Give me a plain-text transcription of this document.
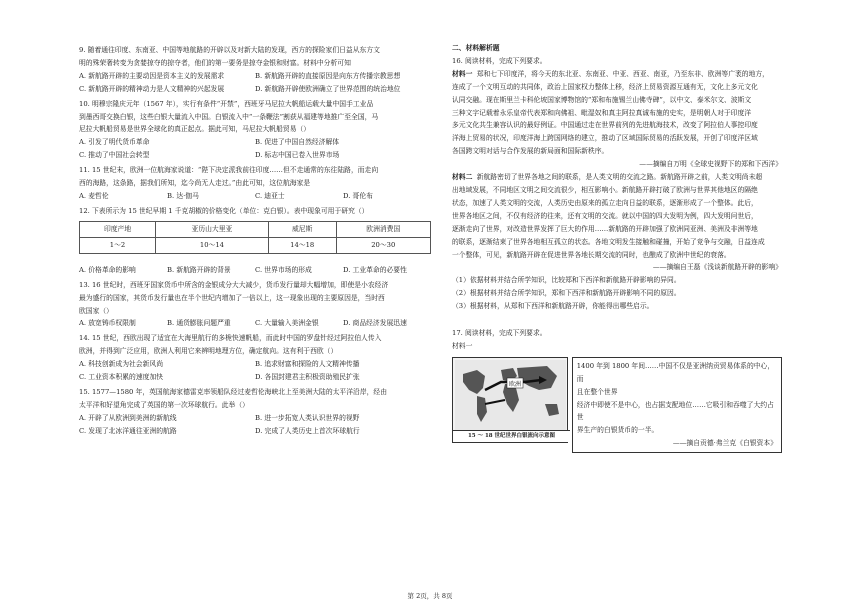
9. 随着通往印度、东南亚、中国等地航路的开辟以及对新大陆的发现，西方的探险家们日益从东方文

明的殊荣奢转变为贪婪掠夺的掠夺者，他们的第一要务是掠夺金银和财富。材料中分析可知

A. 新航路开辟的主要动因是资本主义的发展需求	B. 新航路开辟的直接原因是向东方传播宗教思想
C. 新航路开辟的精神动力是人文精神的兴起发展	D. 新航路开辟使欧洲确立了世界范围的统治地位

10. 明穆宗隆庆元年（1567 年），实行有条件“开禁”，西班牙马尼拉大帆船运载大量中国手工业品

到墨西哥交换白银，这些白银大量流入中国。白银流入中“一条鞭法”割获从福建等地推广至全国，马

尼拉大帆船贸易是世界全球化的真正起点。据此可知，马尼拉大帆船贸易（）

A. 引发了明代货币革命	B. 促进了中国自然经济解体
C. 推动了中国社会转型	D. 标志中国已卷入世界市场

11. 15 世纪末，欧洲一位航海家说道：“陛下决定派我前往印度……但不走通常的东往陆路，而走向

西的海路，这条路，据我们所知，迄今尚无人走过。”由此可知，这位航海家是

A. 麦哲伦	B. 达·伽马	C. 迪亚士	D. 哥伦布

12. 下表所示为 15 世纪早期 1 千克胡椒的价格变化（单位：克白银）。表中现象可用于研究（）

印度产地	亚历山大里亚	威尼斯	欧洲消费国
1～2	10～14	14～18	20～30
A. 价格革命的影响	B. 新航路开辟的背景	C. 世界市场的形成	D. 工业革命的必要性

13. 16 世纪时，西班牙国家货币中所含的金银成分大大减少，货币发行量却大幅增加，即使是小农经济

最为盛行的国家，其货币发行量也在半个世纪内增加了一倍以上，这一现象出现的主要原因是，当时西

欧国家（）

A. 放宽铸币权限制	B. 通货膨胀问题严重	C. 大量输入美洲金银	D. 商品经济发展迅速

14. 15 世纪，西欧出现了适宜在大海里航行的多桅快速帆船，而此时中国的罗盘针经过阿拉伯人传入

欧洲，并得到广泛应用，欧洲人利用它来辨明地理方位，确定航向。这有利于西欧（）

A. 科技创新成为社会新风尚	B. 追求财富和探险的人文精神传播
C. 工业资本积累的速度加快	D. 各国封建君主积极资助殖民扩张

15. 1577—1580 年，英国航海家德雷克率领船队经过麦哲伦海峡北上至美洲大陆的太平洋沿岸，经由

太平洋和好望角完成了英国的第一次环球航行。此举（）

A. 开辟了从欧洲到美洲的新航线	B. 进一步拓宽人类认识世界的视野
C. 发现了北冰洋通往亚洲的航路	D. 完成了人类历史上首次环球航行

二、材料解析题

16. 阅读材料，完成下列要求。

材料一 郑和七下印度洋，将今天的东北亚、东南亚、中亚、西亚、南亚，乃至东非、欧洲等广袤的地方，

连成了一个文明互动的共同体，政治上国家权力整体上移，经济上贸易资源互通有无，文化上多元文化

认同交融。现在斯里兰卡科伦坡国家博物馆的“郑和布施锡兰山佛寺碑”，以中文、泰米尔文、波斯文

三种文字记载着永乐皇帝代表郑和向佛祖、毗湿奴和真主阿拉真诚布施的史实，是明朝人对于印度洋

多元文化共生兼容认识的最好例证。中国通过走在世界前列的先进航海技术，改变了阿拉伯人事控印度

洋海上贸易的状况，印度洋海上跨国网络的建立，推动了区域国际贸易的活跃发展，开创了印度洋区域

各国跨文明对话与合作发展的新局面和国际新秩序。

——摘编自万明《全球史视野下的郑和下西洋》

材料二 新航路密切了世界各地之间的联系，是人类文明的交流之路。新航路开辟之前，人类文明尚未超

出地域发展，不同地区文明之间交流很少，相互影响小。新航路开辟打破了欧洲与世界其他地区的隔绝

状态，加速了人类文明的交流，人类历史由原来的孤立走向日益的联系，逐渐形成了一个整体。此后，

世界各地区之间，不仅有经济的往来，还有文明的交流。就以中国的四大发明为例，四大发明问世后，

逐渐走向了世界，对改造世界发挥了巨大的作用……新航路的开辟加强了欧洲同亚洲、美洲及非洲等地

的联系，逐渐结束了世界各地相互孤立的状态。各地文明发生接触和碰撞，开始了竞争与交融，日益连成

一个整体，可见，新航路开辟在促进世界各地长期交流的同时，也酿成了欧洲中世纪的衰落。

——摘编自王磊《浅谈新航路开辟的影响》

（1）依据材料并结合所学知识，比较郑和下西洋和新航路开辟影响的异同。

（2）根据材料并结合所学知识，郑和下西洋和新航路开辟影响不同的原因。

（3）根据材料，从郑和下西洋和新航路开辟，你能得出哪些启示。

17. 阅读材料，完成下列要求。

材料一

欧洲
15 ～ 18 世纪世界白银流向示意图

1400 年到 1800 年间……中国不仅是亚洲纳贡贸易体系的中心，而

且在整个世界

经济中即使不是中心，也占据支配地位……它吸引和吞噬了大约占世

界生产的白银货币的一半。

——摘自贡德·弗兰克《白银资本》

第 2页，共 8页
